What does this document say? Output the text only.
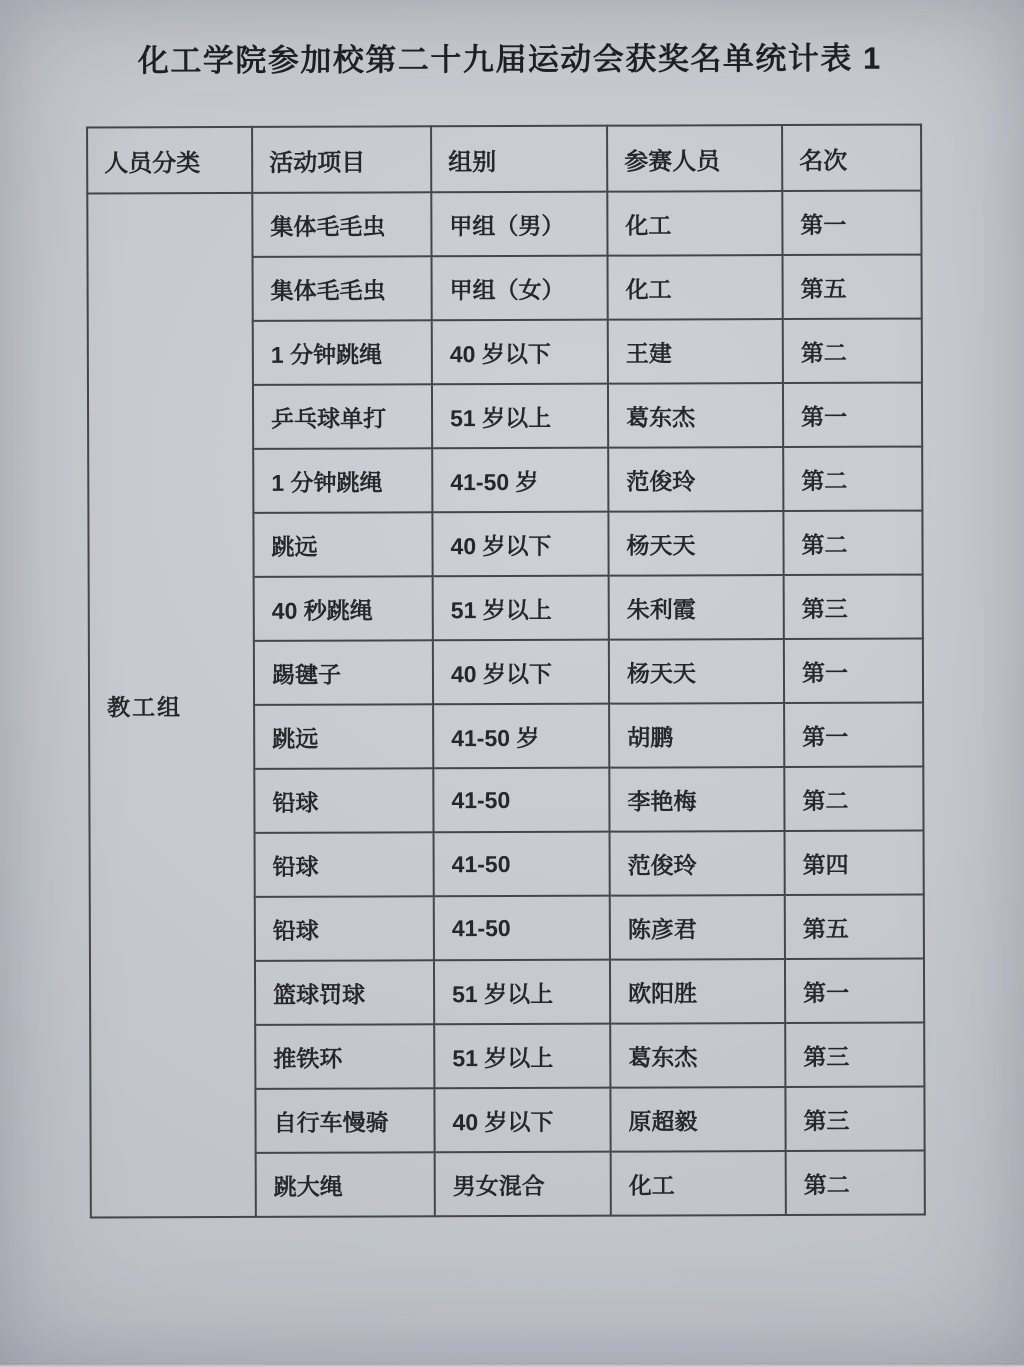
化工学院参加校第二十九届运动会获奖名单统计表 1
人员分类	活动项目	组别	参赛人员	名次
教工组	集体毛毛虫	甲组（男）	化工	第一
	集体毛毛虫	甲组（女）	化工	第五
	1 分钟跳绳	40 岁以下	王建	第二
	乒乓球单打	51 岁以上	葛东杰	第一
	1 分钟跳绳	41-50 岁	范俊玲	第二
	跳远	40 岁以下	杨天天	第二
	40 秒跳绳	51 岁以上	朱利霞	第三
	踢毽子	40 岁以下	杨天天	第一
	跳远	41-50 岁	胡鹏	第一
	铅球	41-50	李艳梅	第二
	铅球	41-50	范俊玲	第四
	铅球	41-50	陈彦君	第五
	篮球罚球	51 岁以上	欧阳胜	第一
	推铁环	51 岁以上	葛东杰	第三
	自行车慢骑	40 岁以下	原超毅	第三
	跳大绳	男女混合	化工	第二
